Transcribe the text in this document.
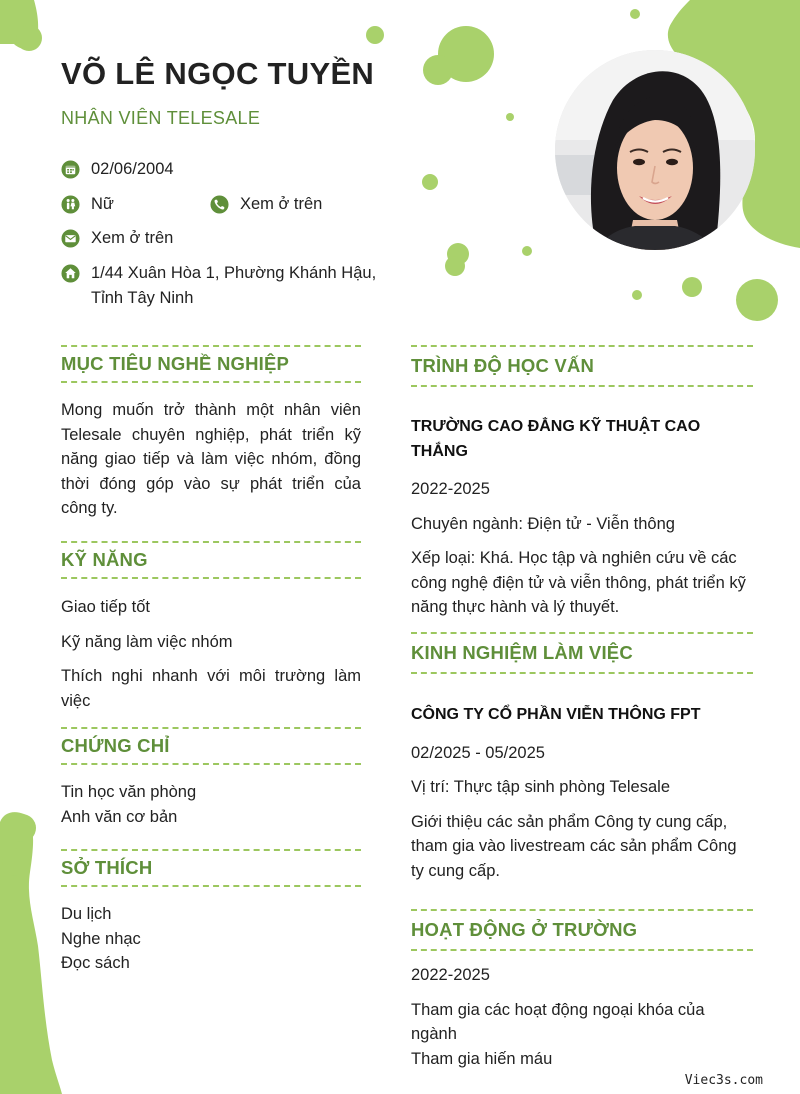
VÕ LÊ NGỌC TUYỀN
NHÂN VIÊN TELESALE
02/06/2004
Nữ	Xem ở trên
Xem ở trên
1/44 Xuân Hòa 1, Phường Khánh Hậu,
Tỉnh Tây Ninh
MỤC TIÊU NGHỀ NGHIỆP

Mong muốn trở thành một nhân viên Telesale chuyên nghiệp, phát triển kỹ năng giao tiếp và làm việc nhóm, đồng thời đóng góp vào sự phát triển của công ty.

KỸ NĂNG

Giao tiếp tốt

Kỹ năng làm việc nhóm

Thích nghi nhanh với môi trường làm việc

CHỨNG CHỈ

Tin học văn phòng

Anh văn cơ bản

SỞ THÍCH

Du lịch

Nghe nhạc

Đọc sách

TRÌNH ĐỘ HỌC VẤN

TRƯỜNG CAO ĐẲNG KỸ THUẬT CAO THẮNG

2022-2025

Chuyên ngành: Điện tử - Viễn thông

Xếp loại: Khá. Học tập và nghiên cứu về các công nghệ điện tử và viễn thông, phát triển kỹ năng thực hành và lý thuyết.

KINH NGHIỆM LÀM VIỆC

CÔNG TY CỔ PHẦN VIỄN THÔNG FPT

02/2025 - 05/2025

Vị trí: Thực tập sinh phòng Telesale

Giới thiệu các sản phẩm Công ty cung cấp, tham gia vào livestream các sản phẩm Công ty cung cấp.

HOẠT ĐỘNG Ở TRƯỜNG

2022-2025

Tham gia các hoạt động ngoại khóa của ngành

Tham gia hiến máu

Viec3s.com
